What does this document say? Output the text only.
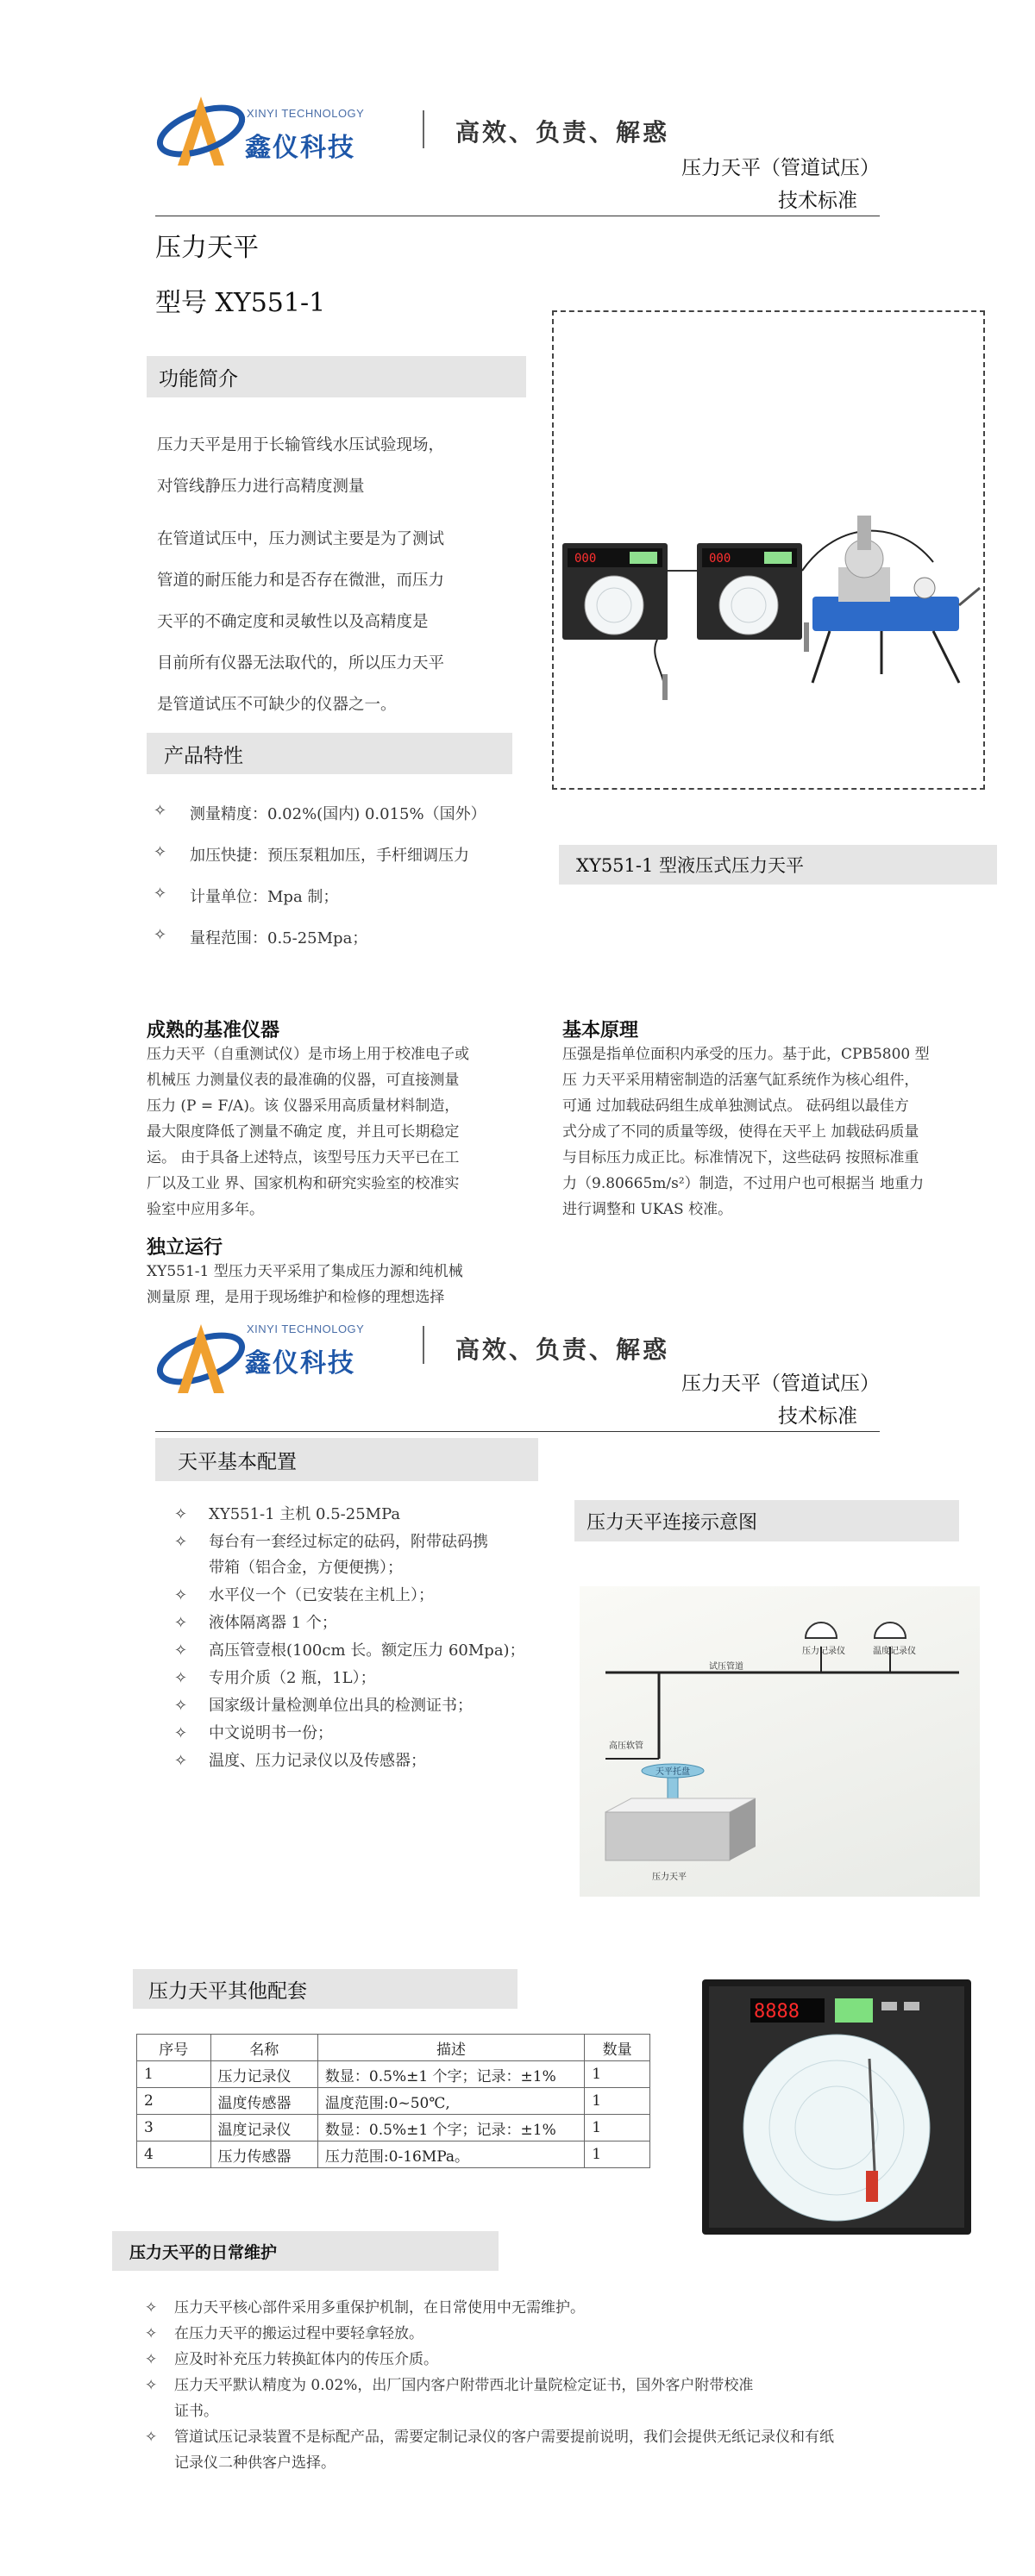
XINYI TECHNOLOGY
鑫仪科技
高效、负责、解惑
压力天平（管道试压）
技术标准
压力天平
型号 XY551-1
功能简介
压力天平是用于长输管线水压试验现场，
对管线静压力进行高精度测量
在管道试压中，压力测试主要是为了测试
管道的耐压能力和是否存在微泄，而压力
天平的不确定度和灵敏性以及高精度是
目前所有仪器无法取代的，所以压力天平
是管道试压不可缺少的仪器之一。
产品特性
✧ 测量精度：0.02%(国内) 0.015%（国外）
✧ 加压快捷：预压泵粗加压，手杆细调压力
✧ 计量单位：Mpa 制；
✧ 量程范围：0.5-25Mpa；
000	000
XY551-1 型液压式压力天平
成熟的基准仪器
压力天平（自重测试仪）是市场上用于校准电子或
机械压 力测量仪表的最准确的仪器，可直接测量
压力 (P = F/A)。该 仪器采用高质量材料制造，
最大限度降低了测量不确定 度，并且可长期稳定
运。 由于具备上述特点，该型号压力天平已在工
厂以及工业 界、国家机构和研究实验室的校准实
验室中应用多年。
独立运行
XY551-1 型压力天平采用了集成压力源和纯机械
测量原 理，是用于现场维护和检修的理想选择
基本原理
压强是指单位面积内承受的压力。基于此，CPB5800 型
压 力天平采用精密制造的活塞气缸系统作为核心组件，
可通 过加载砝码组生成单独测试点。 砝码组以最佳方
式分成了不同的质量等级，使得在天平上 加载砝码质量
与目标压力成正比。标准情况下，这些砝码 按照标准重
力（9.80665m/s²）制造，不过用户也可根据当 地重力
进行调整和 UKAS 校准。
XINYI TECHNOLOGY
鑫仪科技	高效、负责、解惑
压力天平（管道试压）
技术标准
天平基本配置
✧ XY551-1 主机 0.5-25MPa
✧ 每台有一套经过标定的砝码，附带砝码携
带箱（铝合金，方便便携）；
✧ 水平仪一个（已安装在主机上）；
✧ 液体隔离器 1 个；
✧ 高压管壹根(100cm 长。额定压力 60Mpa)；
✧ 专用介质（2 瓶，1L）；
✧ 国家级计量检测单位出具的检测证书；
✧ 中文说明书一份；
✧ 温度、压力记录仪以及传感器；
压力天平连接示意图
压力记录仪	温度记录仪
试压管道
高压软管
天平托盘
压力天平
压力天平其他配套
序号	名称	描述	数量
1	压力记录仪	数显：0.5%±1 个字；记录：±1%	1
2	温度传感器	温度范围:0~50℃,	1
3	温度记录仪	数显：0.5%±1 个字；记录：±1%	1
4	压力传感器	压力范围:0-16MPa。	1
8888
压力天平的日常维护
✧ 压力天平核心部件采用多重保护机制，在日常使用中无需维护。
✧ 在压力天平的搬运过程中要轻拿轻放。
✧ 应及时补充压力转换缸体内的传压介质。
✧ 压力天平默认精度为 0.02%，出厂国内客户附带西北计量院检定证书，国外客户附带校准
证书。
✧ 管道试压记录装置不是标配产品，需要定制记录仪的客户需要提前说明，我们会提供无纸记录仪和有纸
记录仪二种供客户选择。
